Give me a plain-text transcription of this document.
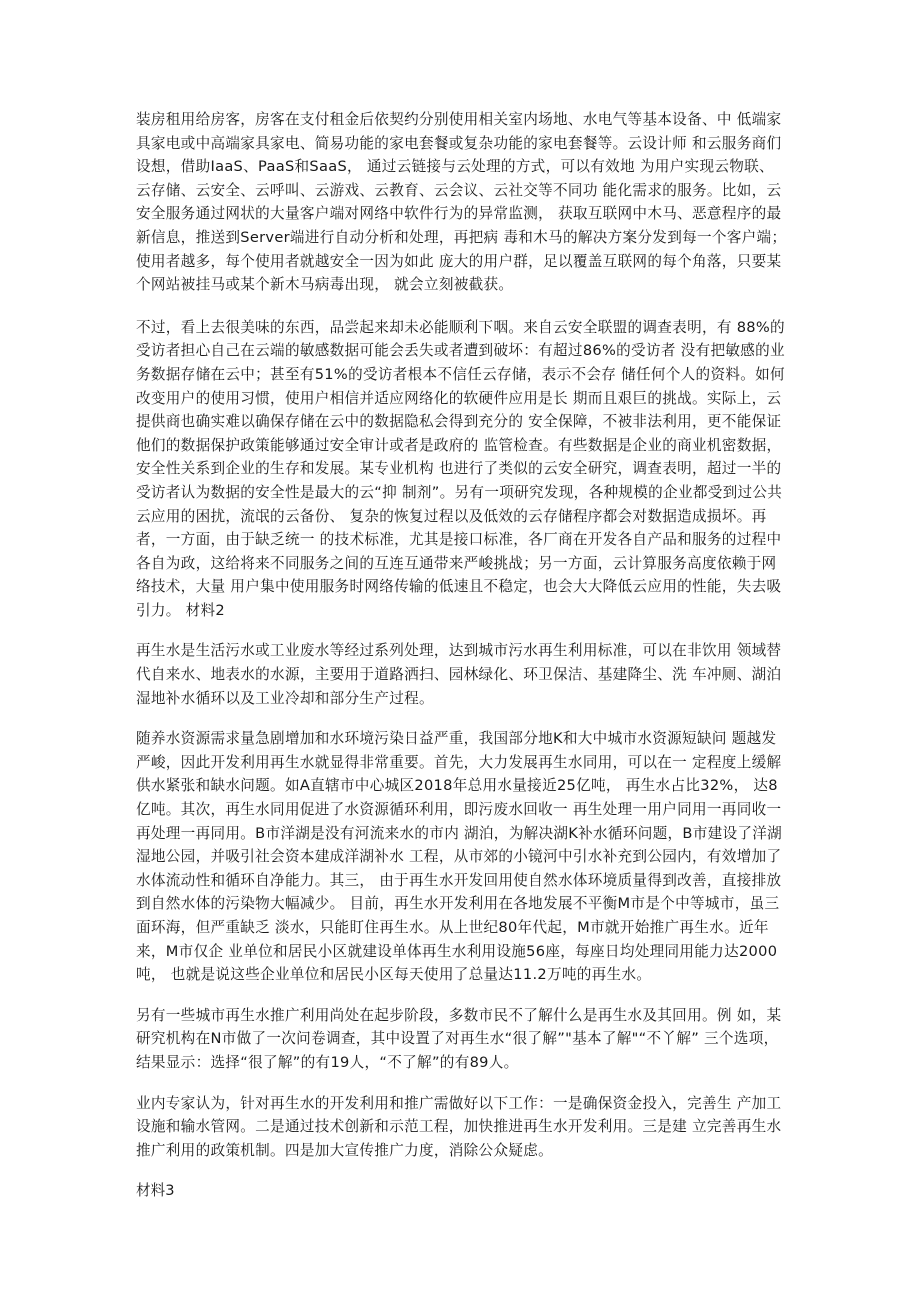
装房租用给房客，房客在支付租金后依契约分别使用相关室内场地、水电气等基本设备、中 低端家具家电或中高端家具家电、简易功能的家电套餐或复杂功能的家电套餐等。云设计师 和云服务商们设想，借助IaaS、PaaS和SaaS， 通过云链接与云处理的方式，可以有效地 为用户实现云物联、云存储、云安全、云呼叫、云游戏、云教育、云会议、云社交等不同功 能化需求的服务。比如，云安全服务通过网状的大量客户端对网络中软件行为的异常监测， 获取互联网中木马、恶意程序的最新信息，推送到Server端进行自动分析和处理，再把病 毒和木马的解决方案分发到每一个客户端；使用者越多，每个使用者就越安全一因为如此 庞大的用户群，足以覆盖互联网的每个角落，只要某个网站被挂马或某个新木马病毒出现， 就会立刻被截获。

不过，看上去很美味的东西，品尝起来却未必能顺利下咽。来自云安全联盟的调查表明，有 88%的受访者担心自己在云端的敏感数据可能会丢失或者遭到破坏：有超过86%的受访者 没有把敏感的业务数据存储在云中；甚至有51%的受访者根本不信任云存储，表示不会存 储任何个人的资料。如何改变用户的使用习惯，使用户相信并适应网络化的软硬件应用是长 期而且艰巨的挑战。实际上，云提供商也确实难以确保存储在云中的数据隐私会得到充分的 安全保障，不被非法利用，更不能保证他们的数据保护政策能够通过安全审计或者是政府的 监管检查。有些数据是企业的商业机密数据，安全性关系到企业的生存和发展。某专业机构 也进行了类似的云安全研究，调查表明，超过一半的受访者认为数据的安全性是最大的云“抑 制剂”。另有一项研究发现，各种规模的企业都受到过公共云应用的困扰，流氓的云备份、 复杂的恢复过程以及低效的云存储程序都会对数据造成损坏。再者，一方面，由于缺乏统一 的技术标准，尤其是接口标准，各厂商在开发各自产品和服务的过程中各自为政，这给将来不同服务之间的互连互通带来严峻挑战；另一方面，云计算服务高度依赖于网络技术，大量 用户集中使用服务时网络传输的低速且不稳定，也会大大降低云应用的性能，失去吸引力。 材料2

再生水是生活污水或工业废水等经过系列处理，达到城市污水再生利用标准，可以在非饮用 领域替代自来水、地表水的水源，主要用于道路洒扫、园林绿化、环卫保洁、基建降尘、洗 车冲厕、湖泊湿地补水循环以及工业冷却和部分生产过程。

随养水资源需求量急剧增加和水环境污染日益严重，我国部分地K和大中城市水资源短缺问 题越发严峻，因此开发利用再生水就显得非常重要。首先，大力发展再生水同用，可以在一 定程度上缓解供水紧张和缺水问题。如A直辖市中心城区2018年总用水量接近25亿吨， 再生水占比32%， 达8亿吨。其次，再生水同用促进了水资源循环利用，即污废水回收一 再生处理一用户同用一再同收一再处理一再同用。B市洋湖是没有河流来水的市内 湖泊，为解决湖K补水循环问题，B市建设了洋湖湿地公园，并吸引社会资本建成洋湖补水 工程，从市郊的小镜河中引水补充到公园内，有效增加了水体流动性和循环自净能力。其三， 由于再生水开发回用使自然水体环境质量得到改善，直接排放到自然水体的污染物大幅减少。 目前，再生水开发利用在各地发展不平衡M市是个中等城市，虽三面环海，但严重缺乏 淡水，只能盯住再生水。从上世纪80年代起，M市就开始推广再生水。近年来，M市仅企 业单位和居民小区就建设单体再生水利用设施56座，每座日均处理同用能力达2000吨， 也就是说这些企业单位和居民小区每天使用了总量达11.2万吨的再生水。

另有一些城市再生水推广利用尚处在起步阶段，多数市民不了解什么是再生水及其回用。例 如，某研究机构在N市做了一次问卷调查，其中设置了对再生水“很了解”"基本了解"“不丫解” 三个选项，结果显示：选择“很了解”的有19人，“不了解”的有89人。

业内专家认为，针对再生水的开发利用和推广需做好以下工作：一是确保资金投入，完善生 产加工设施和输水管网。二是通过技术创新和示范工程，加快推进再生水开发利用。三是建 立完善再生水推广利用的政策机制。四是加大宣传推广力度，消除公众疑虑。

材料3
